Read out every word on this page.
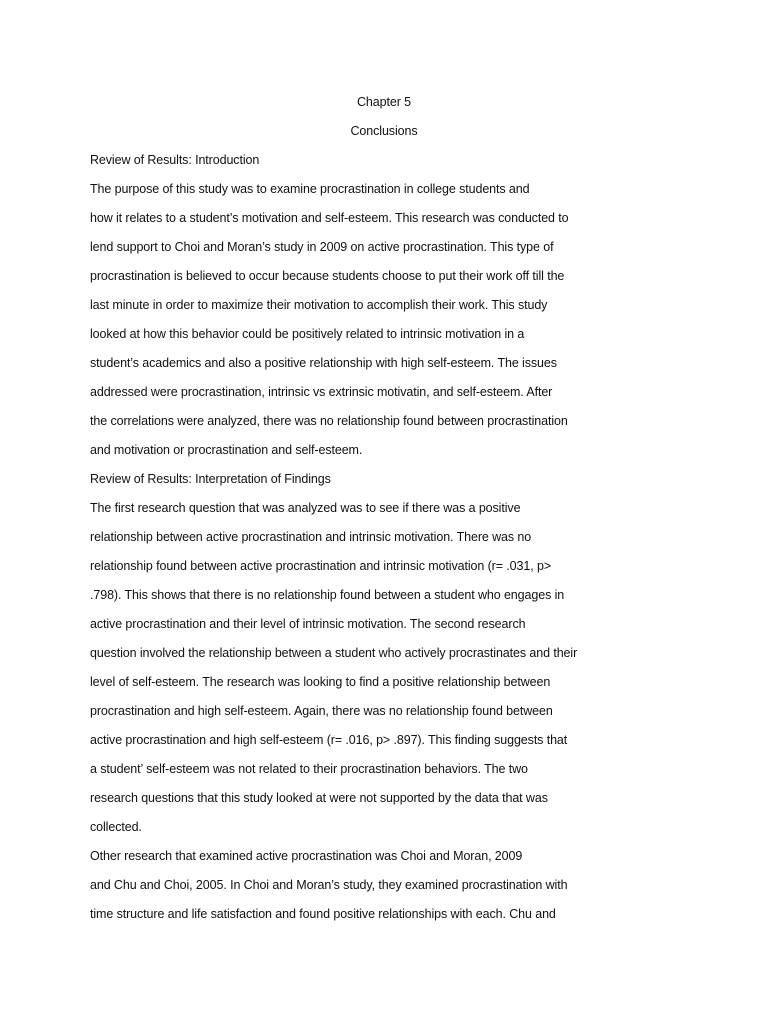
Chapter 5
Conclusions
Review of Results: Introduction
The purpose of this study was to examine procrastination in college students and
how it relates to a student’s motivation and self-esteem. This research was conducted to
lend support to Choi and Moran’s study in 2009 on active procrastination. This type of
procrastination is believed to occur because students choose to put their work off till the
last minute in order to maximize their motivation to accomplish their work. This study
looked at how this behavior could be positively related to intrinsic motivation in a
student’s academics and also a positive relationship with high self-esteem. The issues
addressed were procrastination, intrinsic vs extrinsic motivatin, and self-esteem. After
the correlations were analyzed, there was no relationship found between procrastination
and motivation or procrastination and self-esteem.
Review of Results: Interpretation of Findings
The first research question that was analyzed was to see if there was a positive
relationship between active procrastination and intrinsic motivation. There was no
relationship found between active procrastination and intrinsic motivation (r= .031, p>
.798). This shows that there is no relationship found between a student who engages in
active procrastination and their level of intrinsic motivation. The second research
question involved the relationship between a student who actively procrastinates and their
level of self-esteem. The research was looking to find a positive relationship between
procrastination and high self-esteem. Again, there was no relationship found between
active procrastination and high self-esteem (r= .016, p> .897). This finding suggests that
a student’ self-esteem was not related to their procrastination behaviors. The two
research questions that this study looked at were not supported by the data that was
collected.
Other research that examined active procrastination was Choi and Moran, 2009
and Chu and Choi, 2005. In Choi and Moran’s study, they examined procrastination with
time structure and life satisfaction and found positive relationships with each. Chu and
